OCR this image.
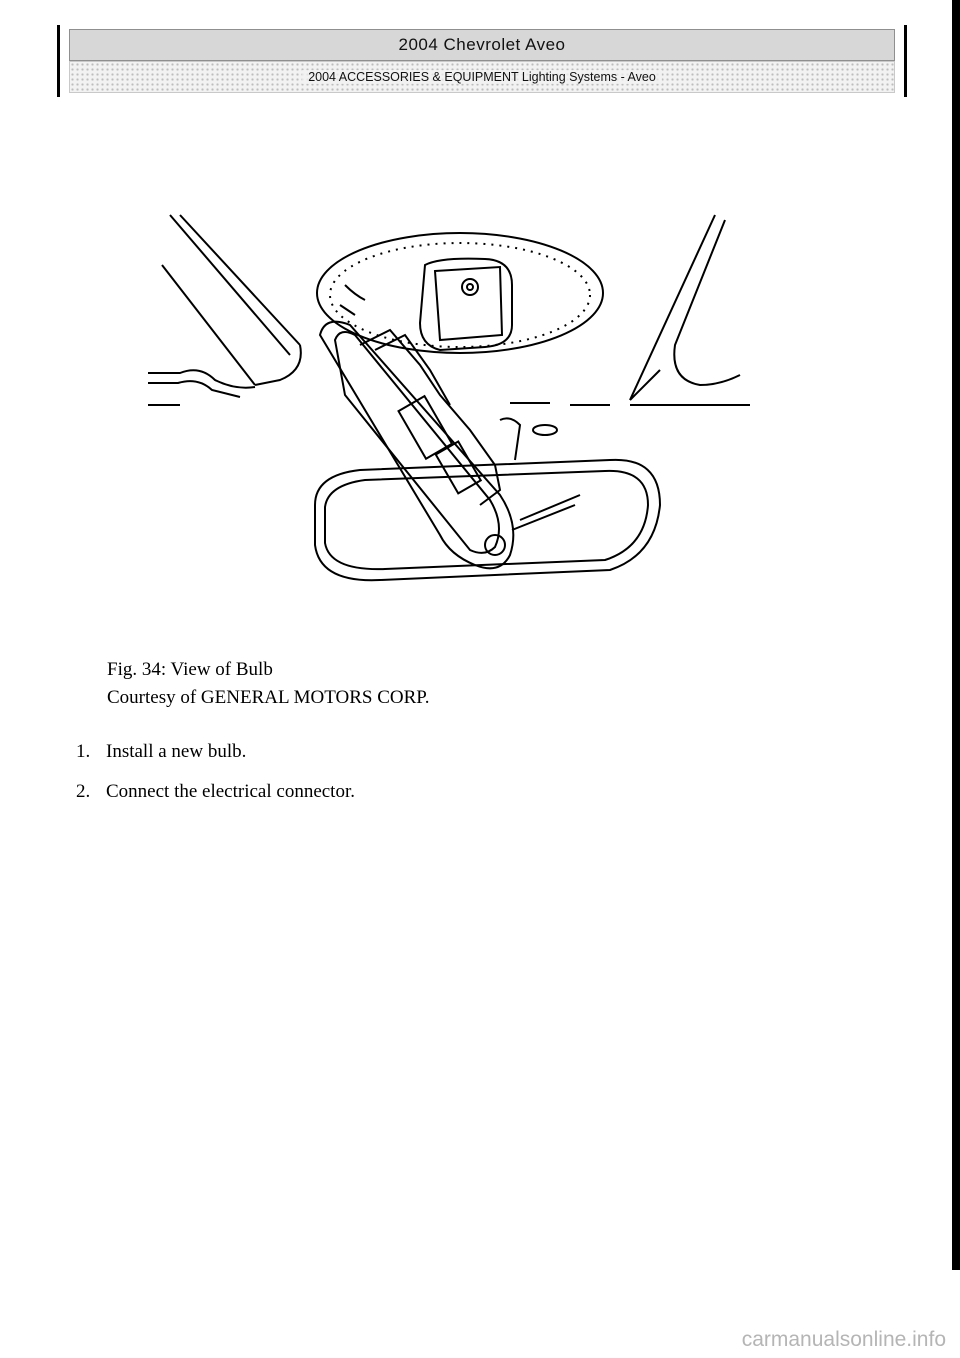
2004 Chevrolet Aveo
2004 ACCESSORIES & EQUIPMENT Lighting Systems - Aveo
Fig. 34: View of Bulb
Courtesy of GENERAL MOTORS CORP.
1. Install a new bulb.
2. Connect the electrical connector.
carmanualsonline.info
